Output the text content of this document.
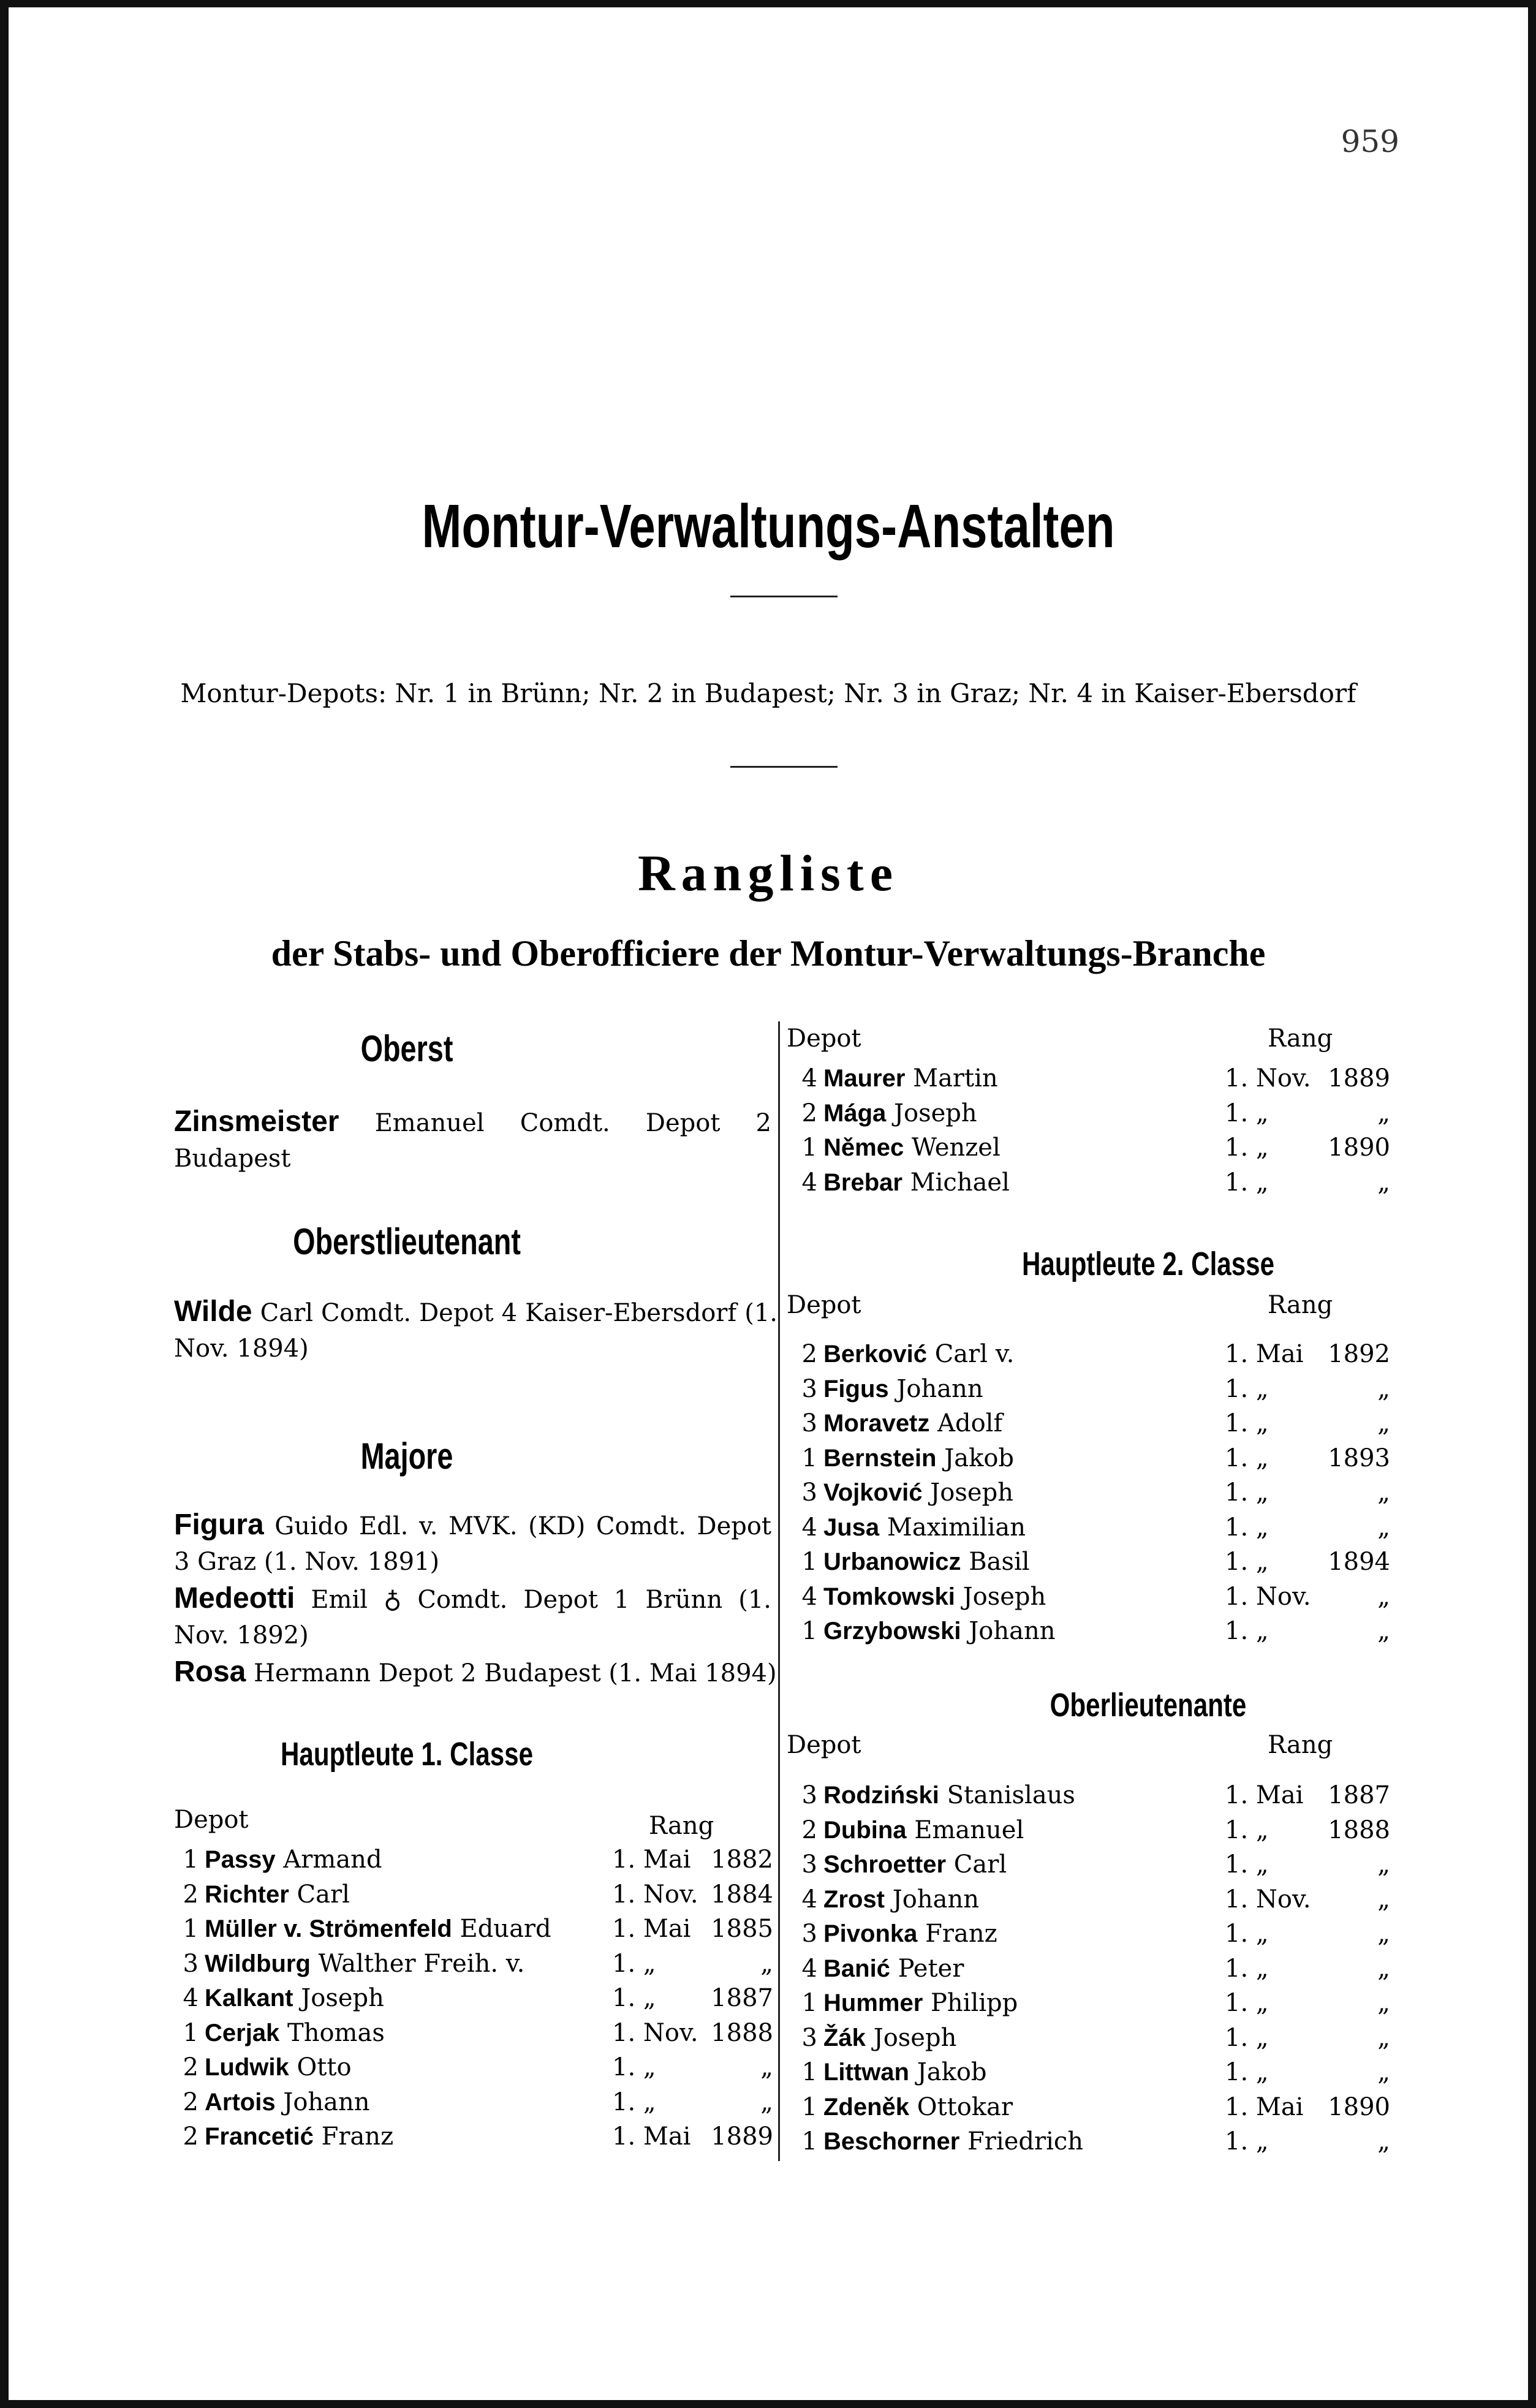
959
Montur-Verwaltungs-Anstalten
Montur-Depots: Nr. 1 in Brünn; Nr. 2 in Budapest; Nr. 3 in Graz; Nr. 4 in Kaiser-Ebersdorf
Rangliste
der Stabs- und Oberofficiere der Montur-Verwaltungs-Branche
Oberst
Zinsmeister Emanuel Comdt. Depot 2 Budapest
Oberstlieutenant
Wilde Carl Comdt. Depot 4 Kaiser-Ebersdorf (1. Nov. 1894)
Majore
Figura Guido Edl. v. MVK. (KD) Comdt. Depot 3 Graz (1. Nov. 1891)
Medeotti Emil ♁ Comdt. Depot 1 Brünn (1. Nov. 1892)
Rosa Hermann Depot 2 Budapest (1. Mai 1894)
Hauptleute 1. Classe
Depot	Rang
1 Passy Armand	1. Mai 1882
2 Richter Carl	1. Nov. 1884
1 Müller v. Strömenfeld Eduard 1. Mai 1885
3 Wildburg Walther Freih. v.	1. „	„
4 Kalkant Joseph	1. „ 1887
1 Cerjak Thomas	1. Nov. 1888
2 Ludwik Otto	1. „	„
2 Artois Johann	1. „	„
2 Francetić Franz	1. Mai 1889
Depot	Rang
4 Maurer Martin	1. Nov. 1889
2 Mága Joseph	1. „	„
1 Němec Wenzel	1. „ 1890
4 Brebar Michael	1. „	„
Hauptleute 2. Classe
Depot	Rang
2 Berković Carl v.	1. Mai 1892
3 Figus Johann	1. „	„
3 Moravetz Adolf	1. „	„
1 Bernstein Jakob	1. „ 1893
3 Vojković Joseph	1. „	„
4 Jusa Maximilian	1. „	„
1 Urbanowicz Basil	1. „ 1894
4 Tomkowski Joseph	1. Nov.	„
1 Grzybowski Johann	1. „	„
Oberlieutenante
Depot	Rang
3 Rodziński Stanislaus	1. Mai 1887
2 Dubina Emanuel	1. „ 1888
3 Schroetter Carl	1. „	„
4 Zrost Johann	1. Nov.	„
3 Pivonka Franz	1. „	„
4 Banić Peter	1. „	„
1 Hummer Philipp	1. „	„
3 Žák Joseph	1. „	„
1 Littwan Jakob	1. „	„
1 Zdeněk Ottokar	1. Mai 1890
1 Beschorner Friedrich	1. „	„
